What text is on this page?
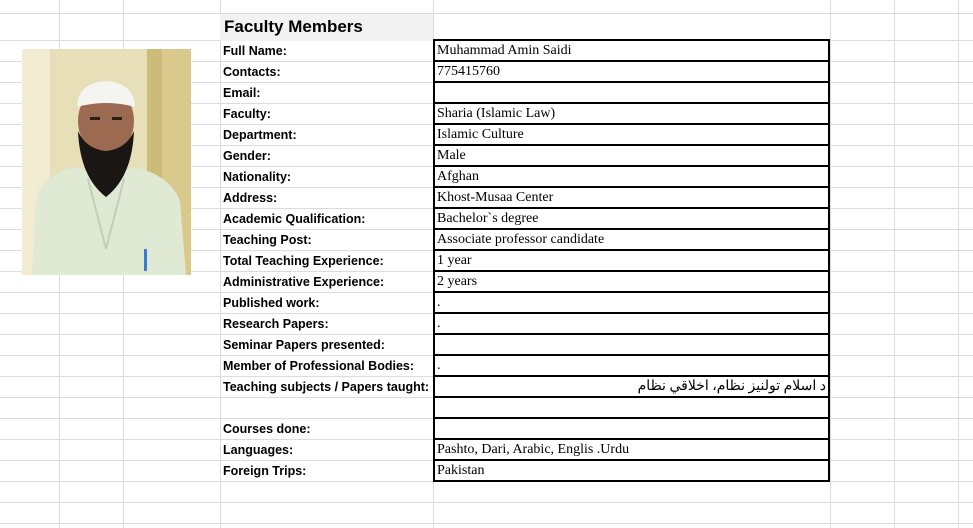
Faculty Members
Full Name:
Contacts:
Email:
Faculty:
Department:
Gender:
Nationality:
Address:
Academic Qualification:
Teaching Post:
Total Teaching Experience:
Administrative Experience:
Published work:
Research Papers:
Seminar Papers presented:
Member of Professional Bodies:
Teaching subjects / Papers taught:
Courses done:
Languages:
Foreign Trips:
Muhammad Amin Saidi
775415760
Sharia (Islamic Law)
Islamic Culture
Male
Afghan
Khost-Musaa Center
Bachelor`s degree
Associate professor candidate
1 year
2 years
.
.
.
د اسلام تولنیز نظام، اخلاقي نظام
Pashto, Dari, Arabic, Englis .Urdu
Pakistan
